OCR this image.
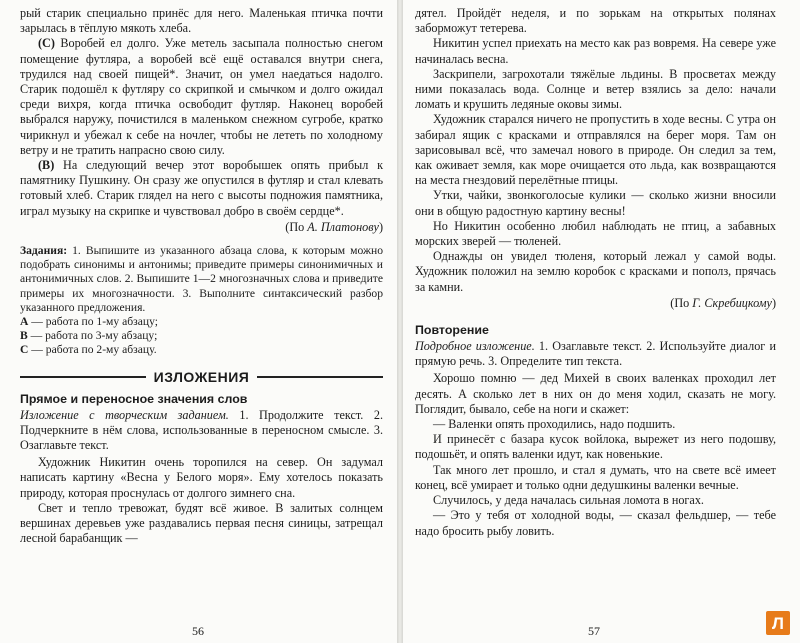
рый старик специально принёс для него. Маленькая птичка почти зарылась в тёплую мякоть хлеба.

(С) Воробей ел долго. Уже метель засыпала полностью снегом помещение футляра, а воробей всё ещё оставался внутри снега, трудился над своей пищей*. Значит, он умел наедаться надолго. Старик подошёл к футляру со скрипкой и смычком и долго ожидал среди вихря, когда птичка освободит футляр. Наконец воробей выбрался наружу, почистился в маленьком снежном сугробе, кратко чирикнул и убежал к себе на ночлег, чтобы не лететь по холодному ветру и не тратить напрасно свою силу.

(В) На следующий вечер этот воробышек опять прибыл к памятнику Пушкину. Он сразу же опустился в футляр и стал клевать готовый хлеб. Старик глядел на него с высоты подножия памятника, играл музыку на скрипке и чувствовал добро в своём сердце*.

(По А. Платонову)

Задания: 1. Выпишите из указанного абзаца слова, к которым можно подобрать синонимы и антонимы; приведите примеры синонимичных и антонимичных слов. 2. Выпишите 1—2 многозначных слова и приведите примеры их многозначности. 3. Выполните синтаксический разбор указанного предложения.

А — работа по 1-му абзацу;

В — работа по 3-му абзацу;

С — работа по 2-му абзацу.

ИЗЛОЖЕНИЯ
Прямое и переносное значения слов

Изложение с творческим заданием. 1. Продолжите текст. 2. Подчеркните в нём слова, использованные в переносном смысле. 3. Озаглавьте текст.

Художник Никитин очень торопился на север. Он задумал написать картину «Весна у Белого моря». Ему хотелось показать природу, которая проснулась от долгого зимнего сна.

Свет и тепло тревожат, будят всё живое. В залитых солнцем вершинах деревьев уже раздавались первая песня синицы, затрещал лесной барабанщик —

56

дятел. Пройдёт неделя, и по зорькам на открытых полянах заборможут тетерева.

Никитин успел приехать на место как раз вовремя. На севере уже начиналась весна.

Заскрипели, загрохотали тяжёлые льдины. В просветах между ними показалась вода. Солнце и ветер взялись за дело: начали ломать и крушить ледяные оковы зимы.

Художник старался ничего не пропустить в ходе весны. С утра он забирал ящик с красками и отправлялся на берег моря. Там он зарисовывал всё, что замечал нового в природе. Он следил за тем, как оживает земля, как море очищается ото льда, как возвращаются на места гнездовий перелётные птицы.

Утки, чайки, звонкоголосые кулики — сколько жизни вносили они в общую радостную картину весны!

Но Никитин особенно любил наблюдать не птиц, а забавных морских зверей — тюленей.

Однажды он увидел тюленя, который лежал у самой воды. Художник положил на землю коробок с красками и пополз, прячась за камни.

(По Г. Скребицкому)

Повторение

Подробное изложение. 1. Озаглавьте текст. 2. Используйте диалог и прямую речь. 3. Определите тип текста.

Хорошо помню — дед Михей в своих валенках проходил лет десять. А сколько лет в них он до меня ходил, сказать не могу. Поглядит, бывало, себе на ноги и скажет:

— Валенки опять проходились, надо подшить.

И принесёт с базара кусок войлока, вырежет из него подошву, подошьёт, и опять валенки идут, как новенькие.

Так много лет прошло, и стал я думать, что на свете всё имеет конец, всё умирает и только одни дедушкины валенки вечные.

Случилось, у деда началась сильная ломота в ногах.

— Это у тебя от холодной воды, — сказал фельдшер, — тебе надо бросить рыбу ловить.

57	Л
